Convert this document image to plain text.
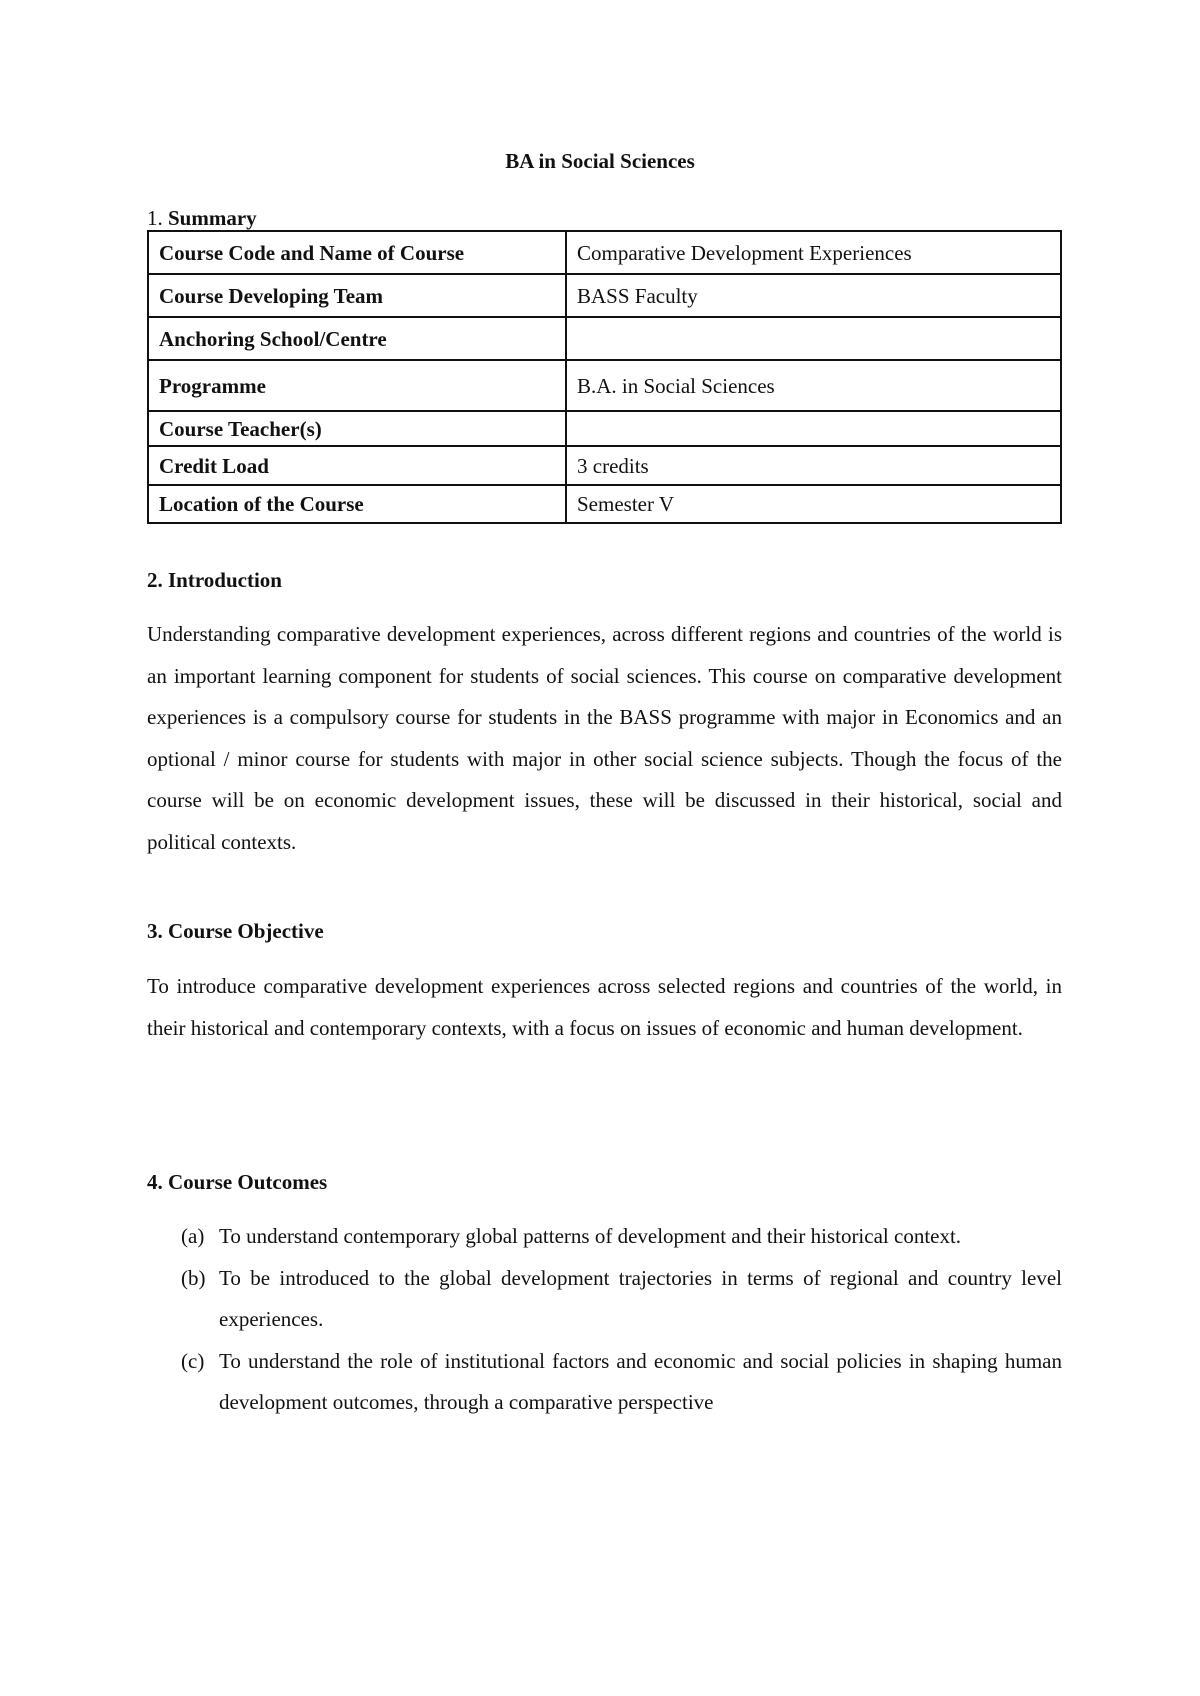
BA in Social Sciences
1. Summary
Course Code and Name of Course	Comparative Development Experiences
Course Developing Team	BASS Faculty
Anchoring School/Centre	
Programme	B.A. in Social Sciences
Course Teacher(s)	
Credit Load	3 credits
Location of the Course	Semester V
2. Introduction

Understanding comparative development experiences, across different regions and countries of the world is an important learning component for students of social sciences. This course on comparative development experiences is a compulsory course for students in the BASS programme with major in Economics and an optional / minor course for students with major in other social science subjects. Though the focus of the course will be on economic development issues, these will be discussed in their historical, social and political contexts.

3. Course Objective

To introduce comparative development experiences across selected regions and countries of the world, in their historical and contemporary contexts, with a focus on issues of economic and human development.

4. Course Outcomes
(a) To understand contemporary global patterns of development and their historical context.
(b) To be introduced to the global development trajectories in terms of regional and country level experiences.
(c) To understand the role of institutional factors and economic and social policies in shaping human development outcomes, through a comparative perspective
